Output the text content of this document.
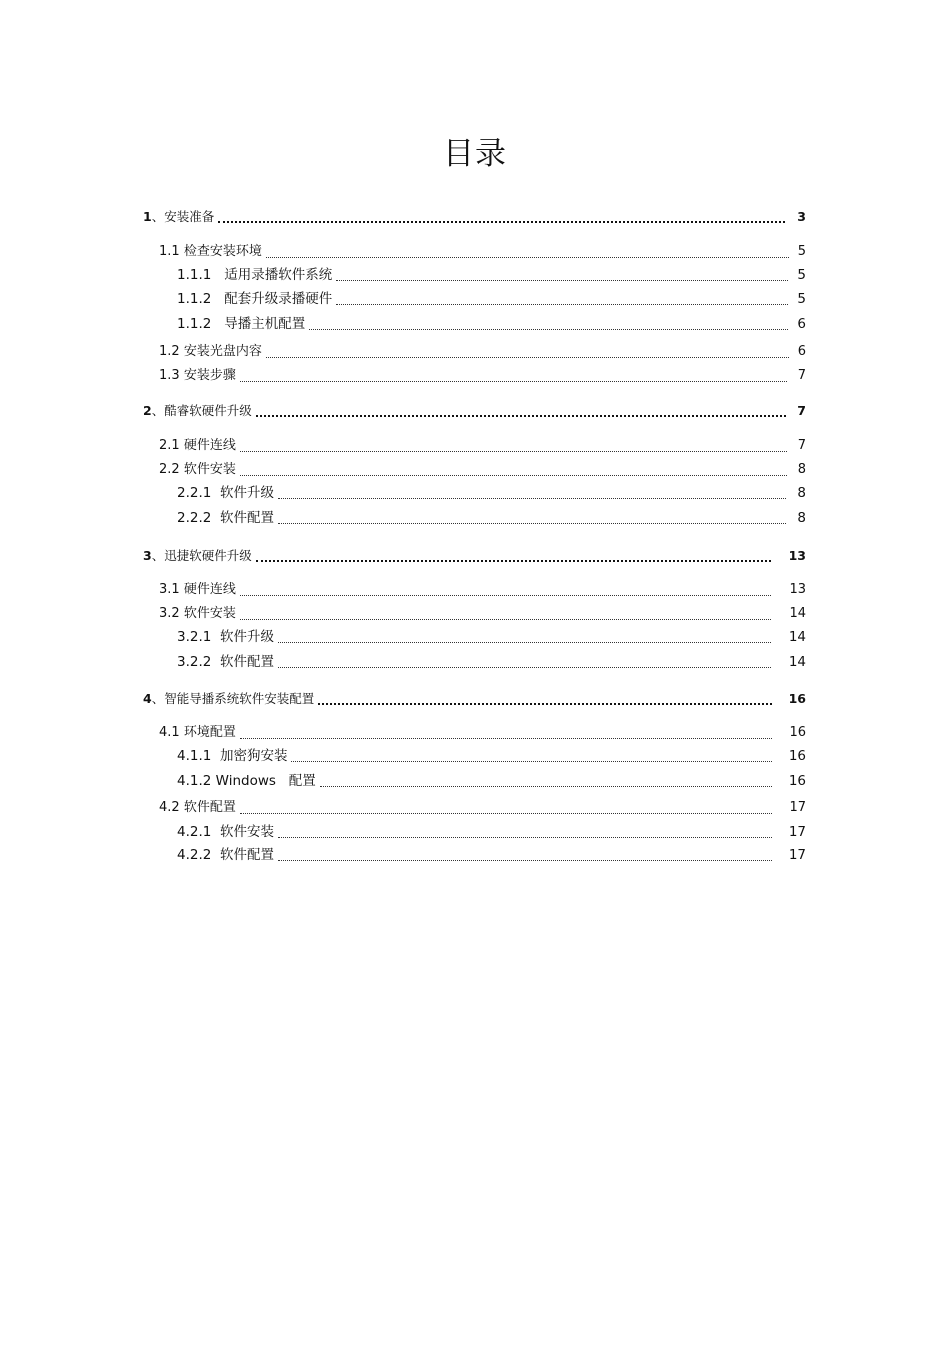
目录
1、安装准备	3
1.1 检查安装环境	5
1.1.1 适用录播软件系统	5
1.1.2 配套升级录播硬件	5
1.1.2 导播主机配置	6
1.2 安装光盘内容	6
1.3 安装步骤	7
2、酷睿软硬件升级	7
2.1 硬件连线	7
2.2 软件安装	8
2.2.1 软件升级	8
2.2.2 软件配置	8
3、迅捷软硬件升级	13
3.1 硬件连线	13
3.2 软件安装	14
3.2.1 软件升级	14
3.2.2 软件配置	14
4、智能导播系统软件安装配置	16
4.1 环境配置	16
4.1.1 加密狗安装	16
4.1.2 Windows   配置	16
4.2 软件配置	17
4.2.1 软件安装	17
4.2.2 软件配置	17
